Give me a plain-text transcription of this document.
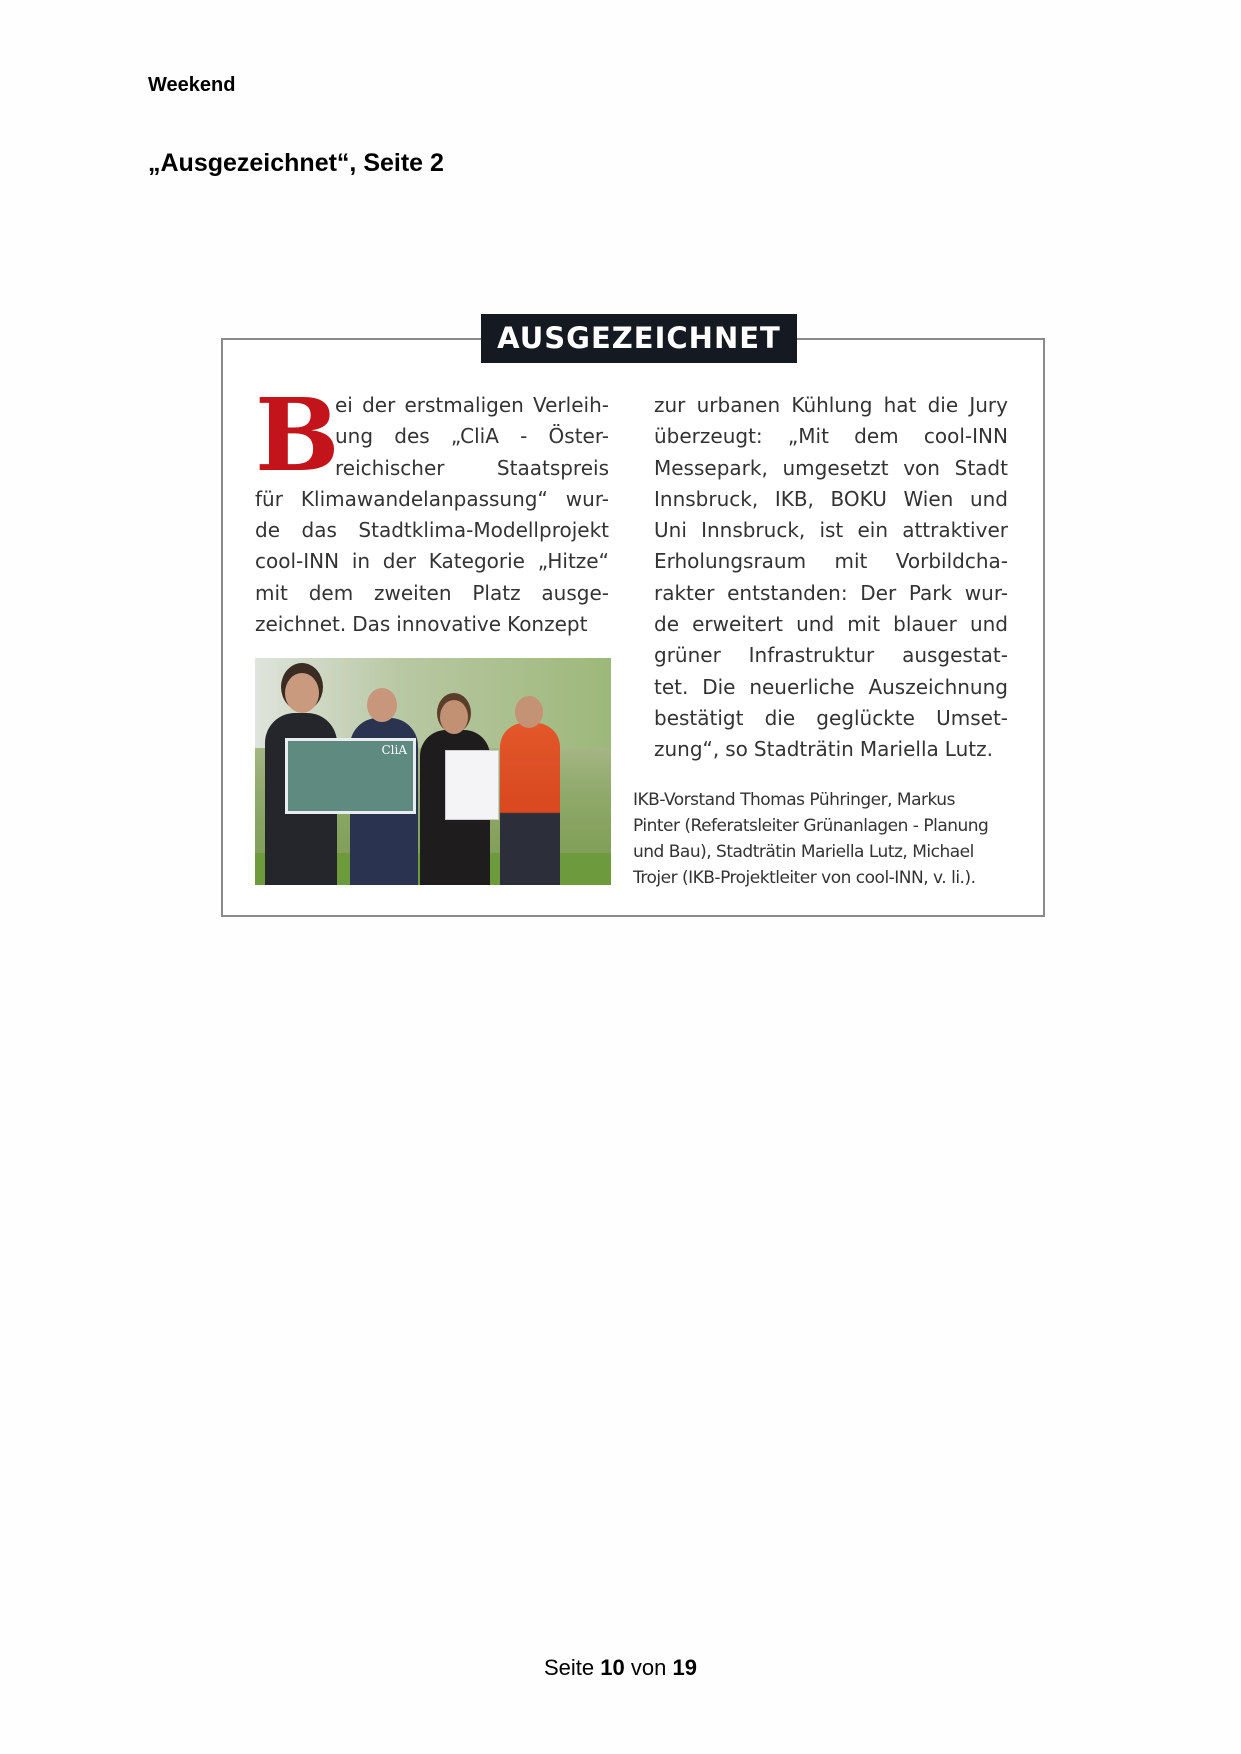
Weekend
„Ausgezeichnet“, Seite 2
AUSGEZEICHNET
B
ei der erstmaligen Verleih-
ung des „CliA - Öster-
reichischer	Staatspreis
für Klimawandelanpassung“ wur-
de das Stadtklima-Modellprojekt
cool-INN in der Kategorie „Hitze“
mit dem zweiten Platz ausge-
zeichnet. Das innovative Konzept
CliA
zur urbanen Kühlung hat die Jury
überzeugt: „Mit dem cool-INN
Messepark, umgesetzt von Stadt
Innsbruck, IKB, BOKU Wien und
Uni Innsbruck, ist ein attraktiver
Erholungsraum mit Vorbildcha-
rakter entstanden: Der Park wur-
de erweitert und mit blauer und
grüner Infrastruktur ausgestat-
tet. Die neuerliche Auszeichnung
bestätigt die geglückte Umset-
zung“, so Stadträtin Mariella Lutz.
IKB-Vorstand Thomas Pühringer, Markus
Pinter (Referatsleiter Grünanlagen - Planung
und Bau), Stadträtin Mariella Lutz, Michael
Trojer (IKB-Projektleiter von cool-INN, v. li.).
Seite 10 von 19
